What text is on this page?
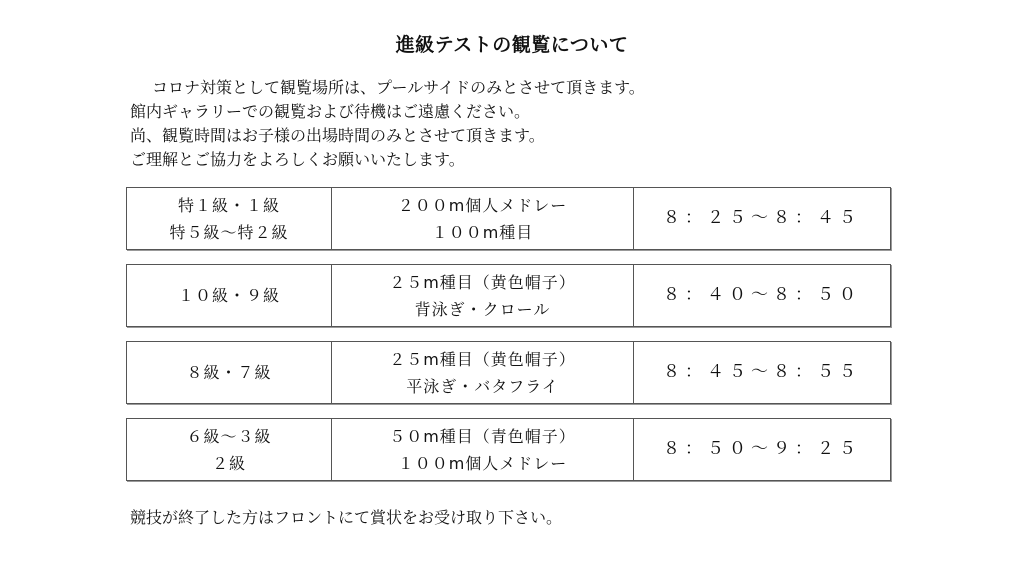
進級テストの観覧について
コロナ対策として観覧場所は、プールサイドのみとさせて頂きます。
館内ギャラリーでの観覧および待機はご遠慮ください。
尚、観覧時間はお子様の出場時間のみとさせて頂きます。
ご理解とご協力をよろしくお願いいたします。
特１級・１級
特５級～特２級
２００m個人メドレー
１００m種目
８：２５～８：４５
１０級・９級
２５m種目（黄色帽子）
背泳ぎ・クロール
８：４０～８：５０
８級・７級
２５m種目（黄色帽子）
平泳ぎ・バタフライ
８：４５～８：５５
６級～３級
２級
５０m種目（青色帽子）
１００m個人メドレー
８：５０～９：２５
競技が終了した方はフロントにて賞状をお受け取り下さい。
